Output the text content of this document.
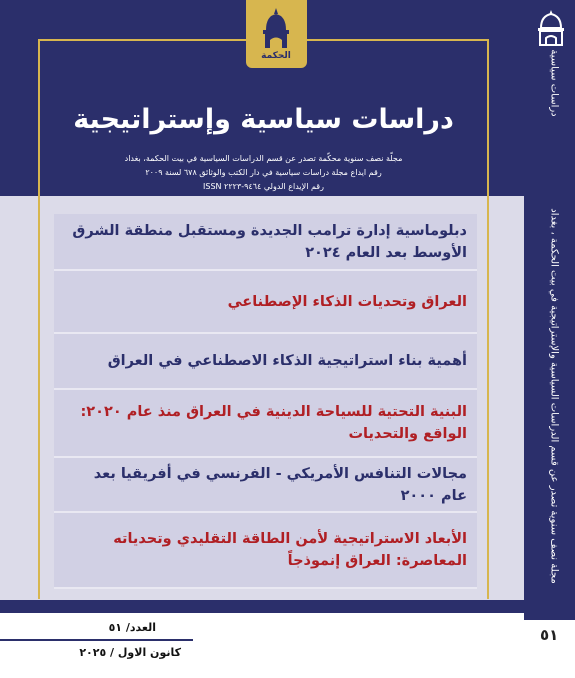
الحكمة
دراسات سياسية وإستراتيجية
مجلّة نصف سنوية محكّمة تصدر عن قسم الدراسات السياسية في بيت الحكمة، بغداد
رقم ايداع مجلة دراسات سياسية في دار الكتب والوثائق ٦٧٨ لسنة ٢٠٠٩
رقم الإيداع الدولي ٩٤٦٤-٢٢٢٣ ISSN
دراسات سياسية
مجلة نصف سنوية تصدر عن قسم الدراسات السياسية والإستراتيجية في بيت الحكمة ، بغداد
دبلوماسية إدارة ترامب الجديدة ومستقبل منطقة الشرق الأوسط بعد العام ٢٠٢٤
العراق وتحديات الذكاء الإصطناعي
أهمية بناء استراتيجية الذكاء الاصطناعي في العراق
البنية التحتية للسياحة الدينية في العراق منذ عام ٢٠٢٠: الواقع والتحديات
مجالات التنافس الأمريكي - الفرنسي في أفريقيا بعد عام ٢٠٠٠
الأبعاد الاستراتيجية لأمن الطاقة التقليدي وتحدياته المعاصرة: العراق إنموذجاً
٥١
العدد/ ٥١
كانون الاول / ٢٠٢٥
